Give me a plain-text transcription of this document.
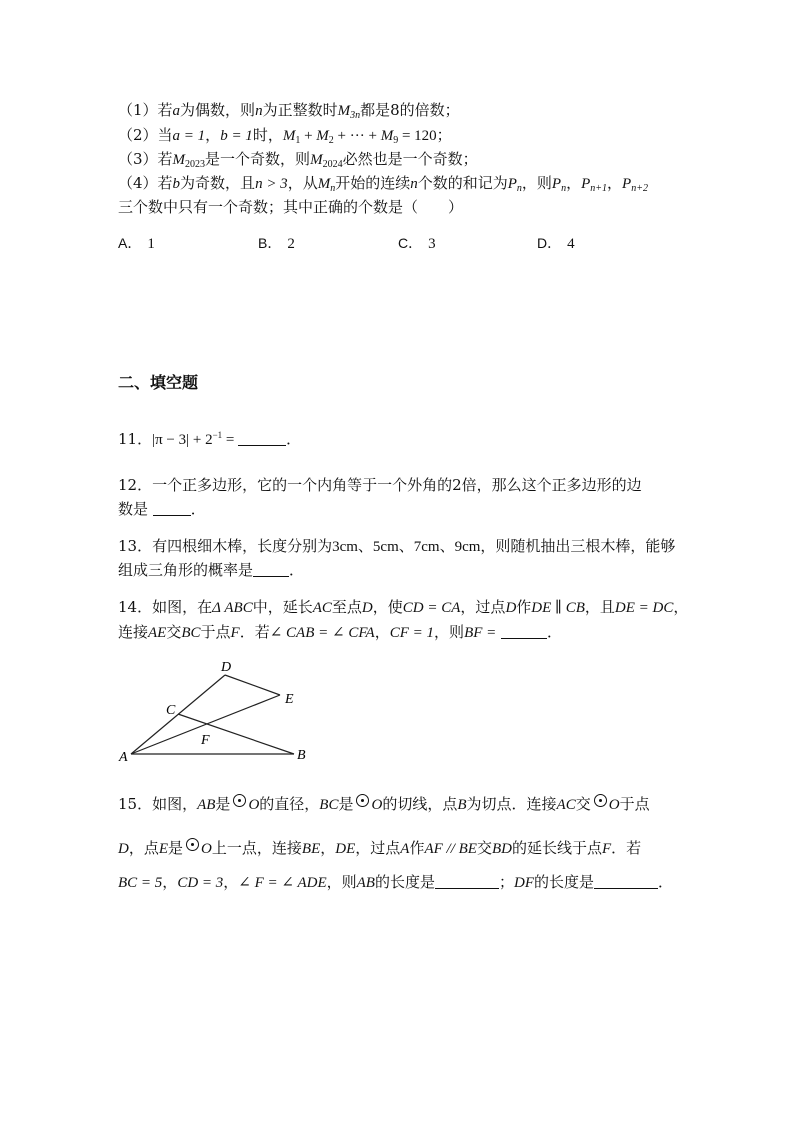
（1）若a为偶数，则n为正整数时$M_{3n}$都是8的倍数；
（2）当a = 1，b = 1时，$M_1 + M_2$ + ··· + $M_9 = 120$；
（3）若$M_{2023}$是一个奇数，则$M_{2024}$必然也是一个奇数；
（4）若b为奇数，且n > 3，从$M_n$开始的连续n个数的和记为$P_n$，则$P_n$，$P_{n+1}$，$P_{n+2}$
三个数中只有一个奇数；其中正确的个数是（　　）
A． 1	B． 2	C． 3	D． 4
二、填空题
11．$|\pi - 3| + 2^{-1}$ =	．
12．一个正多边形，它的一个内角等于一个外角的2倍，那么这个正多边形的边
数是	．
13．有四根细木棒，长度分别为3cm、5cm、7cm、9cm，则随机抽出三根木棒，能够
组成三角形的概率是 ．
14．如图，在Δ ABC中，延长AC至点D，使CD = CA，过点D作DE ∥ CB，且DE = DC，
连接AE交BC于点F．若∠ CAB = ∠ CFA，CF = 1，则BF =	．
D
E
C
F
A	B
15．如图，AB是 O的直径，BC是 O的切线，点B为切点．连接AC交 O于点
D，点E是 O上一点，连接BE，DE，过点A作AF // BE交BD的延长线于点F．若
BC = 5，CD = 3，∠ F = ∠ ADE，则AB的长度是	；DF的长度是	．
